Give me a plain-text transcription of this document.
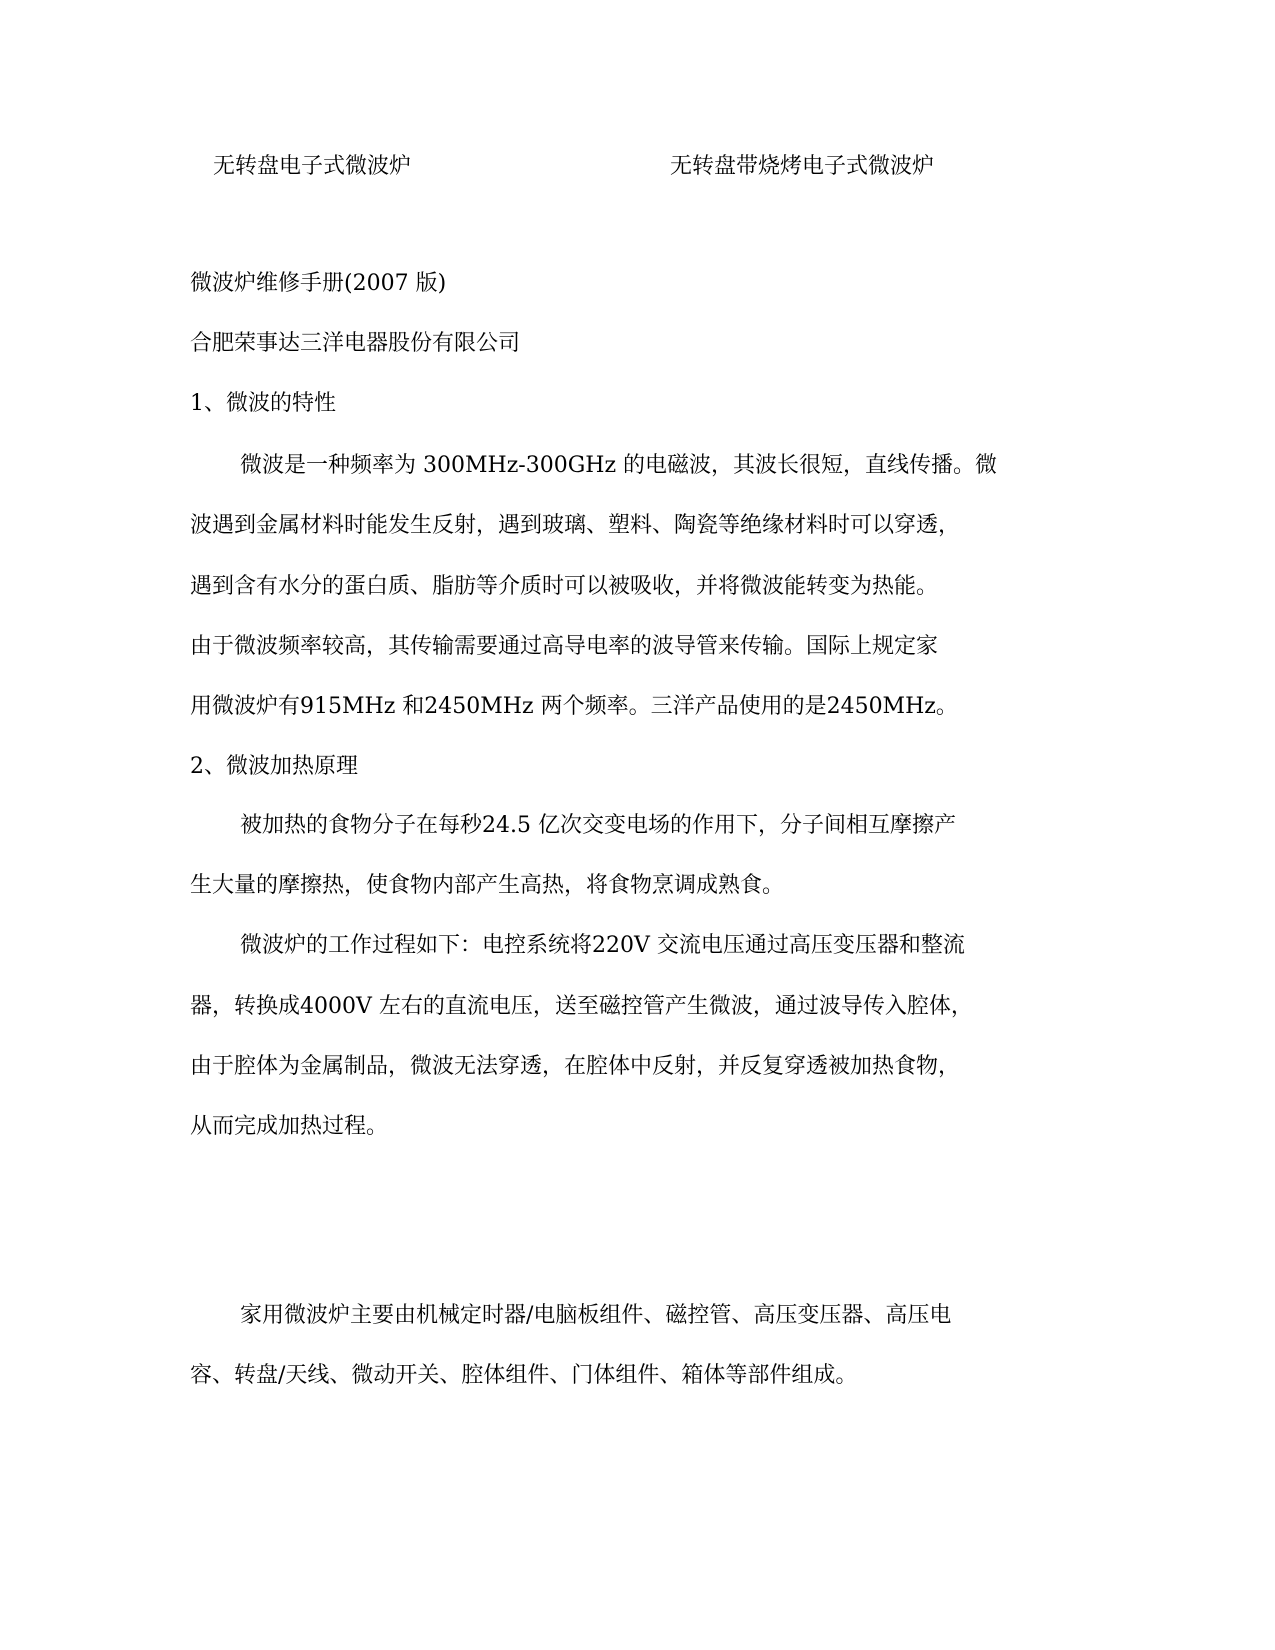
无转盘电子式微波炉	无转盘带烧烤电子式微波炉
微波炉维修手册(2007 版)
合肥荣事达三洋电器股份有限公司
1、微波的特性
微波是一种频率为 300MHz-300GHz 的电磁波，其波长很短，直线传播。微
波遇到金属材料时能发生反射，遇到玻璃、塑料、陶瓷等绝缘材料时可以穿透，
遇到含有水分的蛋白质、脂肪等介质时可以被吸收，并将微波能转变为热能。
由于微波频率较高，其传输需要通过高导电率的波导管来传输。国际上规定家
用微波炉有915MHz 和2450MHz 两个频率。三洋产品使用的是2450MHz。
2、微波加热原理
被加热的食物分子在每秒24.5 亿次交变电场的作用下，分子间相互摩擦产
生大量的摩擦热，使食物内部产生高热，将食物烹调成熟食。
微波炉的工作过程如下：电控系统将220V 交流电压通过高压变压器和整流
器，转换成4000V 左右的直流电压，送至磁控管产生微波，通过波导传入腔体，
由于腔体为金属制品，微波无法穿透，在腔体中反射，并反复穿透被加热食物，
从而完成加热过程。
家用微波炉主要由机械定时器/电脑板组件、磁控管、高压变压器、高压电
容、转盘/天线、微动开关、腔体组件、门体组件、箱体等部件组成。
